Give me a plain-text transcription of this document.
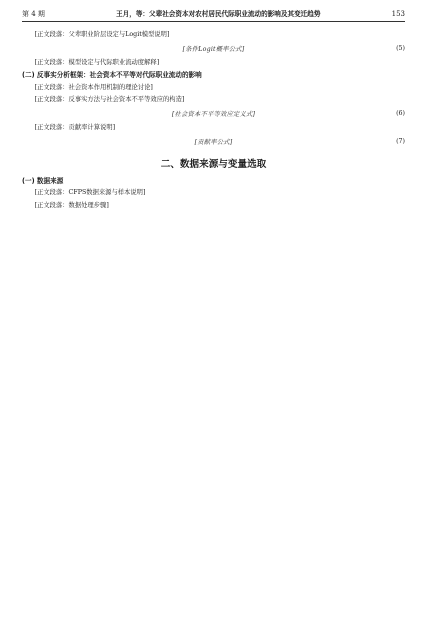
第 4 期	王月，等：父辈社会资本对农村居民代际职业流动的影响及其变迁趋势	153

[正文段落：父辈职业阶层设定与Logit模型说明]

[条件Logit概率公式]	(5)

[正文段落：模型设定与代际职业流动度解释]

(二) 反事实分析框架：社会资本不平等对代际职业流动的影响

[正文段落：社会资本作用机制的理论讨论]

[正文段落：反事实方法与社会资本不平等效应的构造]

[社会资本不平等效应定义式]	(6)

[正文段落：贡献率计算说明]

[贡献率公式]	(7)
二、数据来源与变量选取
(一) 数据来源

[正文段落：CFPS数据来源与样本说明]

[正文段落：数据处理步骤]
